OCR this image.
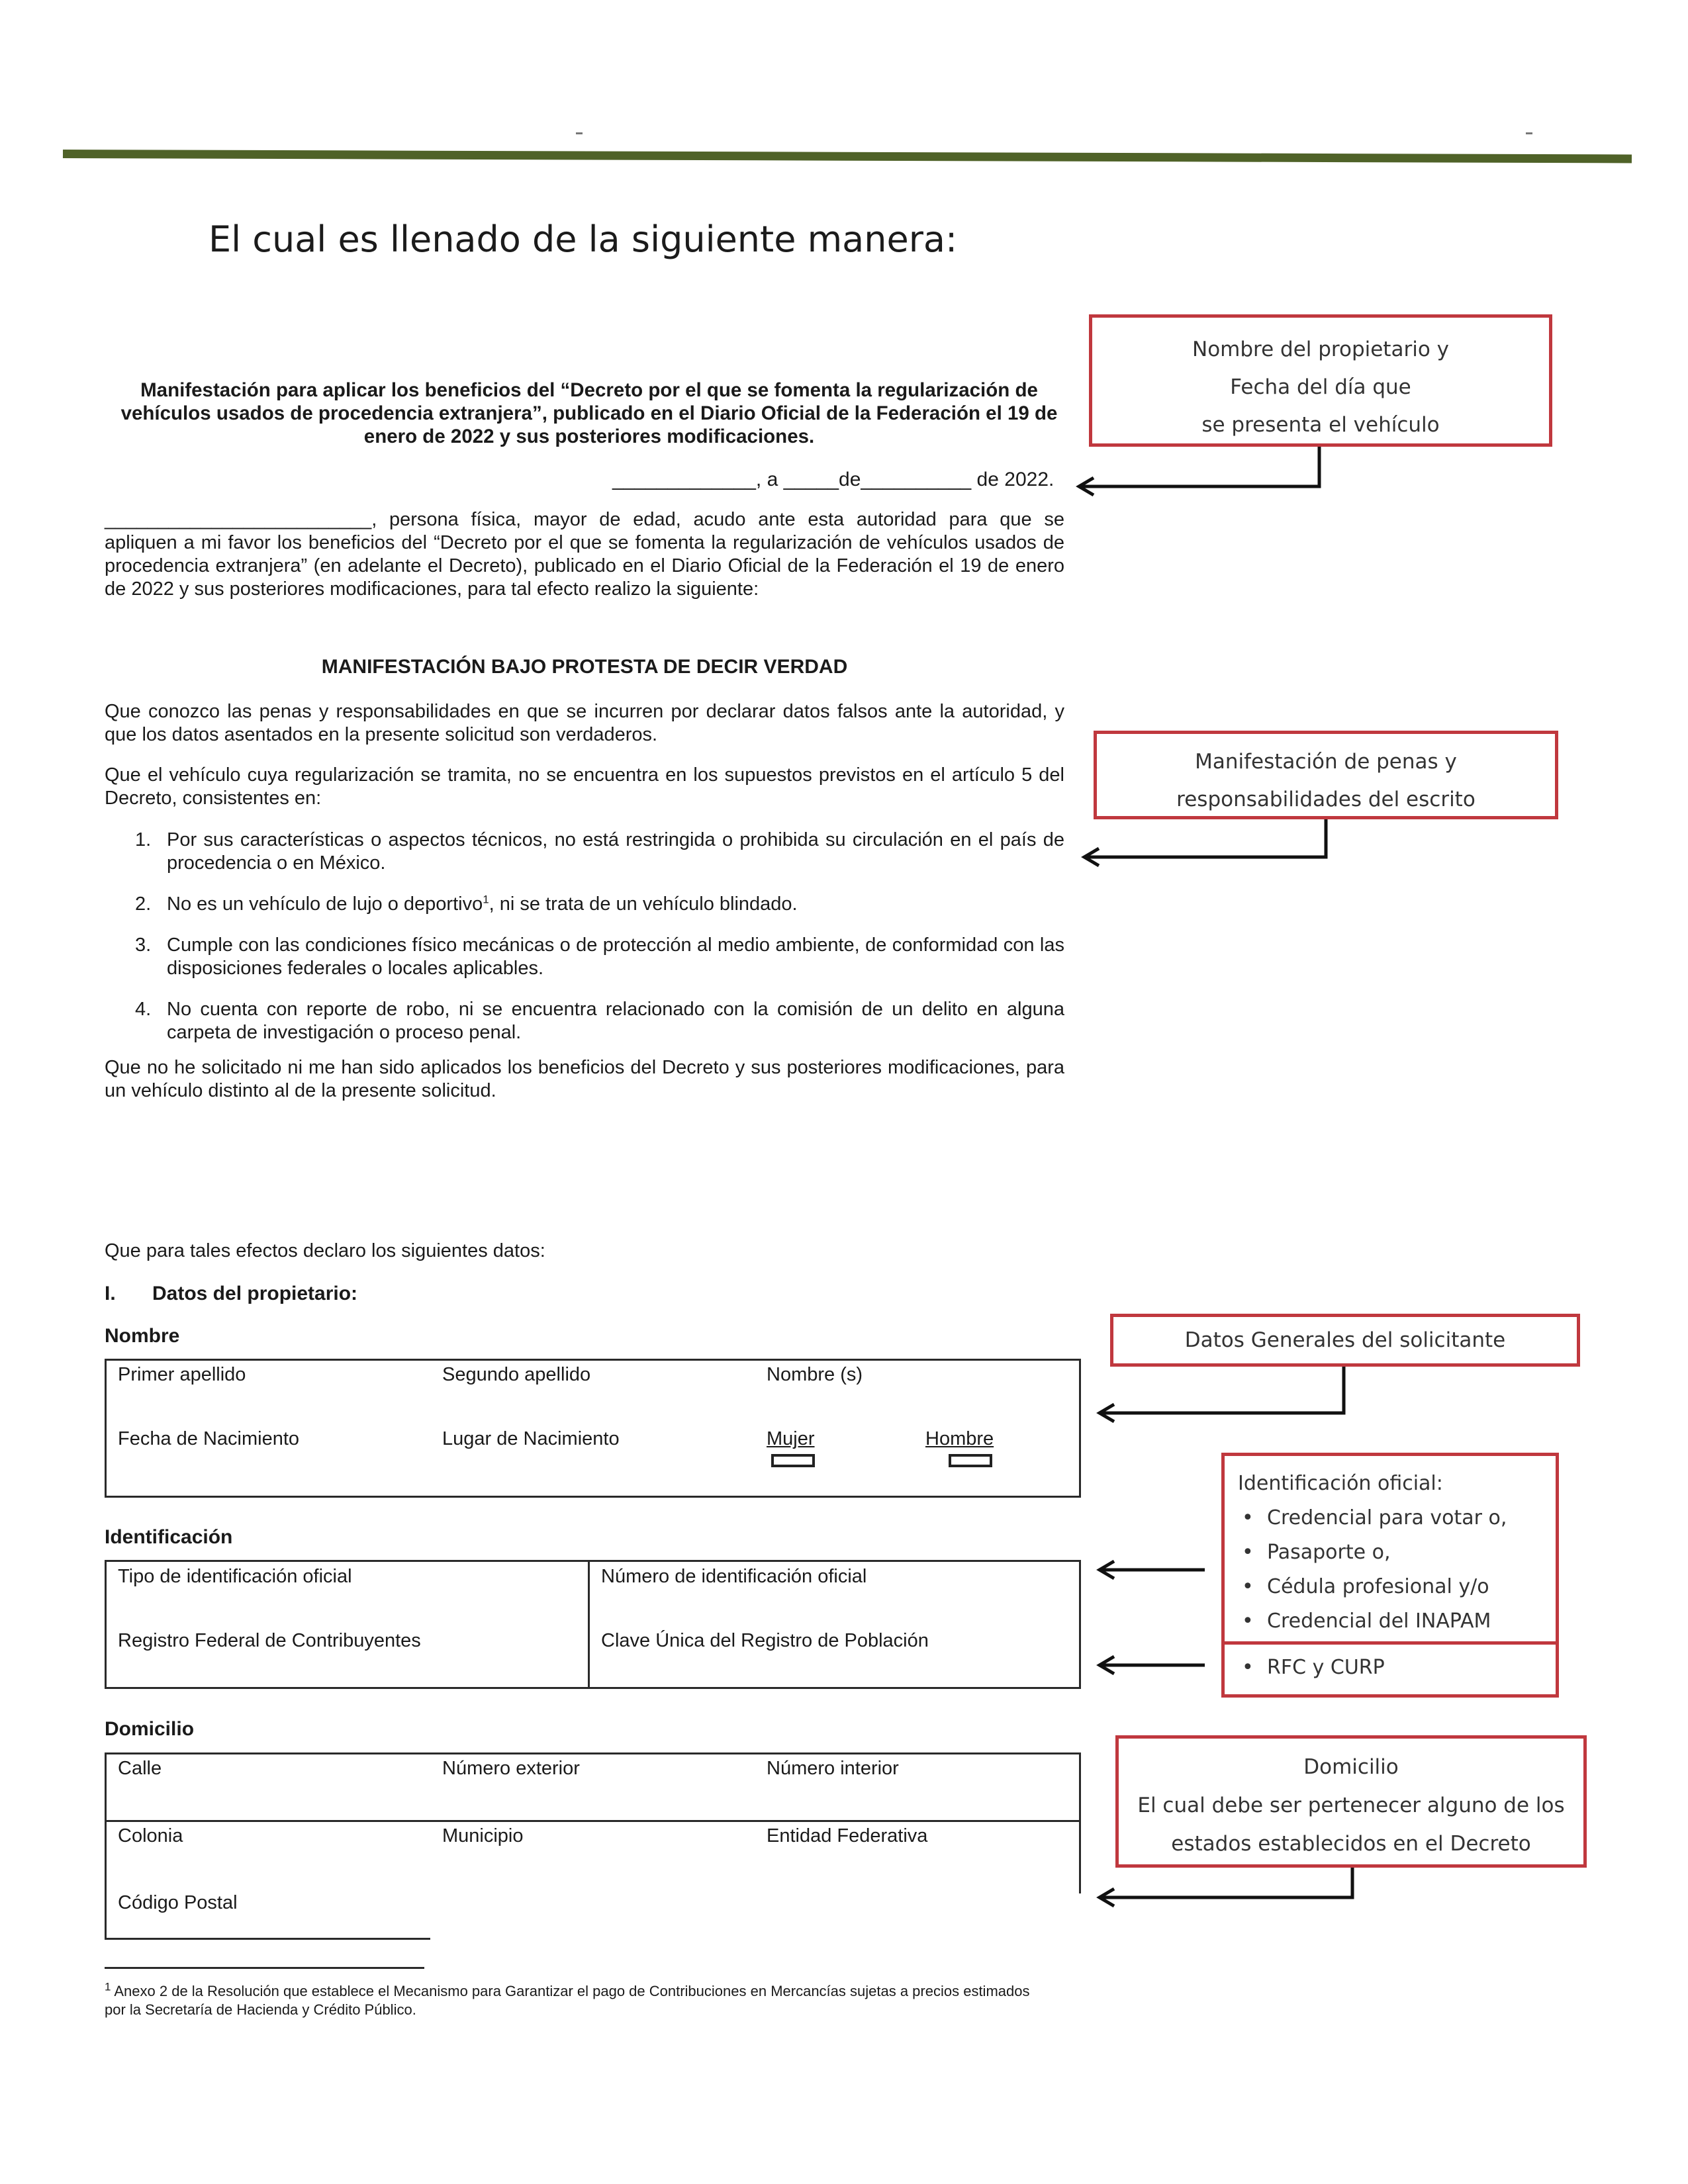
El cual es llenado de la siguiente manera:
Manifestación para aplicar los beneficios del “Decreto por el que se fomenta la regularización de
vehículos usados de procedencia extranjera”, publicado en el Diario Oficial de la Federación el 19 de
enero de 2022 y sus posteriores modificaciones.
_____________, a _____de__________ de 2022.
_________________________, persona física, mayor de edad, acudo ante esta autoridad para que se
apliquen a mi favor los beneficios del “Decreto por el que se fomenta la regularización de vehículos usados de
procedencia extranjera” (en adelante el Decreto), publicado en el Diario Oficial de la Federación el 19 de enero
de 2022 y sus posteriores modificaciones, para tal efecto realizo la siguiente:
MANIFESTACIÓN BAJO PROTESTA DE DECIR VERDAD
Que conozco las penas y responsabilidades en que se incurren por declarar datos falsos ante la autoridad, y que los datos asentados en la presente solicitud son verdaderos.
Que el vehículo cuya regularización se tramita, no se encuentra en los supuestos previstos en el artículo 5 del Decreto, consistentes en:
1. Por sus características o aspectos técnicos, no está restringida o prohibida su circulación en el país de procedencia o en México.
2. No es un vehículo de lujo o deportivo$^1$, ni se trata de un vehículo blindado.
3. Cumple con las condiciones físico mecánicas o de protección al medio ambiente, de conformidad con las disposiciones federales o locales aplicables.
4. No cuenta con reporte de robo, ni se encuentra relacionado con la comisión de un delito en alguna carpeta de investigación o proceso penal.
Que no he solicitado ni me han sido aplicados los beneficios del Decreto y sus posteriores modificaciones, para un vehículo distinto al de la presente solicitud.
Que para tales efectos declaro los siguientes datos:
I. Datos del propietario:
Nombre
Primer apellido	Segundo apellido	Nombre (s)
Fecha de Nacimiento	Lugar de Nacimiento	Mujer	Hombre
Identificación
Tipo de identificación oficial	Número de identificación oficial
Registro Federal de Contribuyentes	Clave Única del Registro de Población
Domicilio
Calle	Número exterior	Número interior
Colonia	Municipio	Entidad Federativa
Código Postal
$^1$ Anexo 2 de la Resolución que establece el Mecanismo para Garantizar el pago de Contribuciones en Mercancías sujetas a precios estimados
por la Secretaría de Hacienda y Crédito Público.
Nombre del propietario y
Fecha del día que
se presenta el vehículo
Manifestación de penas y
responsabilidades del escrito
Datos Generales del solicitante
Identificación oficial:
• Credencial para votar o,
• Pasaporte o,
• Cédula profesional y/o
• Credencial del INAPAM
• RFC y CURP
Domicilio
El cual debe ser pertenecer alguno de los
estados establecidos en el Decreto
